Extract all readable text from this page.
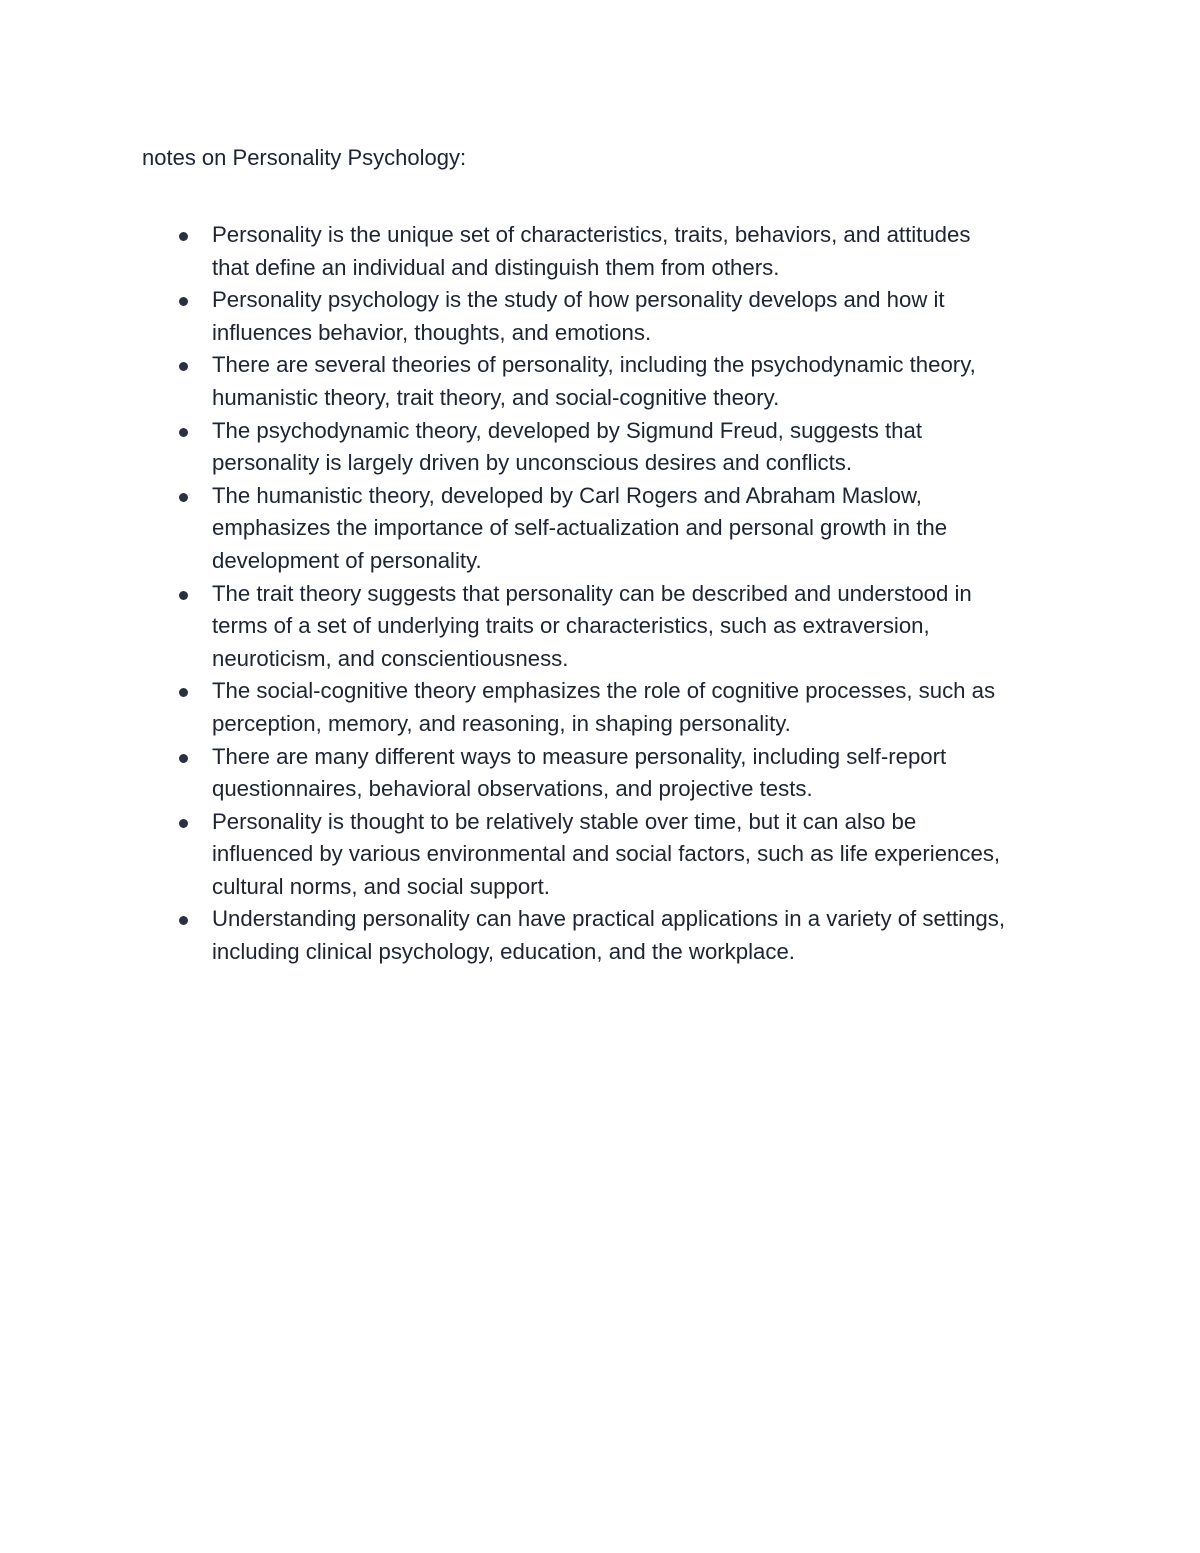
notes on Personality Psychology:
Personality is the unique set of characteristics, traits, behaviors, and attitudes
that define an individual and distinguish them from others.
Personality psychology is the study of how personality develops and how it
influences behavior, thoughts, and emotions.
There are several theories of personality, including the psychodynamic theory,
humanistic theory, trait theory, and social-cognitive theory.
The psychodynamic theory, developed by Sigmund Freud, suggests that
personality is largely driven by unconscious desires and conflicts.
The humanistic theory, developed by Carl Rogers and Abraham Maslow,
emphasizes the importance of self-actualization and personal growth in the
development of personality.
The trait theory suggests that personality can be described and understood in
terms of a set of underlying traits or characteristics, such as extraversion,
neuroticism, and conscientiousness.
The social-cognitive theory emphasizes the role of cognitive processes, such as
perception, memory, and reasoning, in shaping personality.
There are many different ways to measure personality, including self-report
questionnaires, behavioral observations, and projective tests.
Personality is thought to be relatively stable over time, but it can also be
influenced by various environmental and social factors, such as life experiences,
cultural norms, and social support.
Understanding personality can have practical applications in a variety of settings,
including clinical psychology, education, and the workplace.
